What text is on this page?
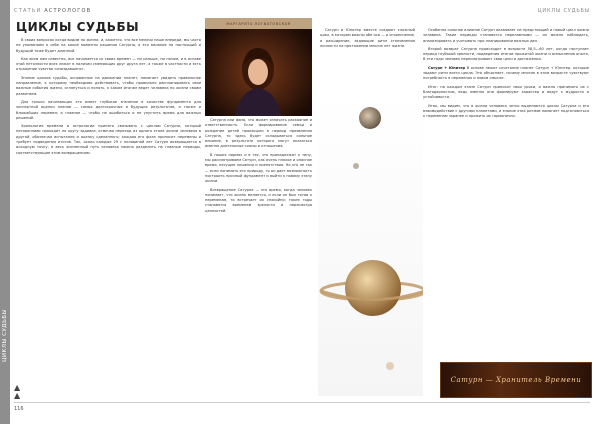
ЦИКЛЫ СУДЬБЫ
СТАТЬИ АСТРОЛОГОВ	ЦИКЛЫ СУДЬБЫ
ЦИКЛЫ СУДЬБЫ

В своих вопросах когда видим по жизни, и, кажется, что все мелочи наше впереди, мы часто не упоминаем о себе на какие моменты решения Сатурна, а его влияние на настоящий и будущий тоже будет длинный.

Как всем нам известно, все начинается со своих времен — ни раньше, ни позже, и в основе этой неточности всех лежат в наличии сменяющих друг друга лет, а также в частности и есть отражение чувства «опоздавшего».

Знание циклов судьбы, основанных на движении планет, помогает увидеть правильное направление, к которому необходимо действовать, чтобы правильно распланировать свои важные события жизни, оглянуться и понять, к каким итогам ведет человека по жизни своим развитием.

Для только начинающих это имеет глубокое значение в качестве фундамента для экспертной оценки планов — самых долгосрочных и будущих результатов, а также и ближайших перемен; а главное — чтобы не ошибиться и не упустить время для важных решений.

Хронология времени в астрологии принято связывать с циклом Сатурна, который неторопливо проходит по кругу зодиака, отмечая переход из одного этапа жизни человека в другой, обозначая испытания и оценку сделанного; каждая его фаза приносит перемены и требует подведения итогов. Так, около каждые 29 с половиной лет Сатурн возвращается в исходную точку, и весь жизненный путь человека можно разделить на главные периоды, соответствующие этим возвращениям.

МАРГАРИТА ЛОГВАТОВСКАЯ

Сатурна или фаза, что может означать раскаяние и ответственность. Если формирование семьи и рождение детей произошли в период проявления Сатурна, то здесь будет складываться сильное влияние, в результате которого могут оказаться именно длительные союзы и отношения.

В наших нормах и в тех, что принадлежат к типу, мы рассматриваем Сатурн, как очень плохое и опасное время, несущее лишения и препятствия. Но это не так — если понимать его природу, то он дает возможность построить прочный фундамент и выйти к новому этапу жизни.

Возвращение Сатурна — это время, когда человек понимает, что жизнь меняется, и если он был готов к переменам, то встречает их спокойно; такие годы становятся временем зрелости и пересмотра ценностей.

Сатурн и Юпитер вместе создают сложный цикл, в котором важны обе оси — и ограничение, и расширение, задающие ритм становления личности на протяжении многих лет жизни.

Особенно сильное влияние Сатурн оказывает на предстоящий и новый цикл жизни человека. Такие периоды становятся переломными — их можно наблюдать, анализировать и учитывать при планировании важных дел.

Второй возврат Сатурна происходит в возрасте 58,5—60 лет, когда наступает период глубокой зрелости, подведения итогов прожитой жизни и осмысления опыта. В эти годы человек пересматривает свои цели и достижения.

Сатурн + Юпитер В основе лежит сочетание планет Сатурн + Юпитер, которые задают ритм всего цикла. Это объясняет, почему многие в этом возрасте чувствуют потребность в переменах и новом смысле.

Итог: на каждом этапе Сатурн приносит свои уроки, и важно принимать их с благодарностью, ведь именно они формируют характер и ведут к мудрости и устойчивости.

Итак, мы видим, что в жизни человека четко выделяются циклы Сатурна и его взаимодействие с другими планетами, и знание этих ритмов помогает подготовиться к переменам заранее и прожить их гармонично.

Сатурн — Хранитель Времени
▲
▲
116
